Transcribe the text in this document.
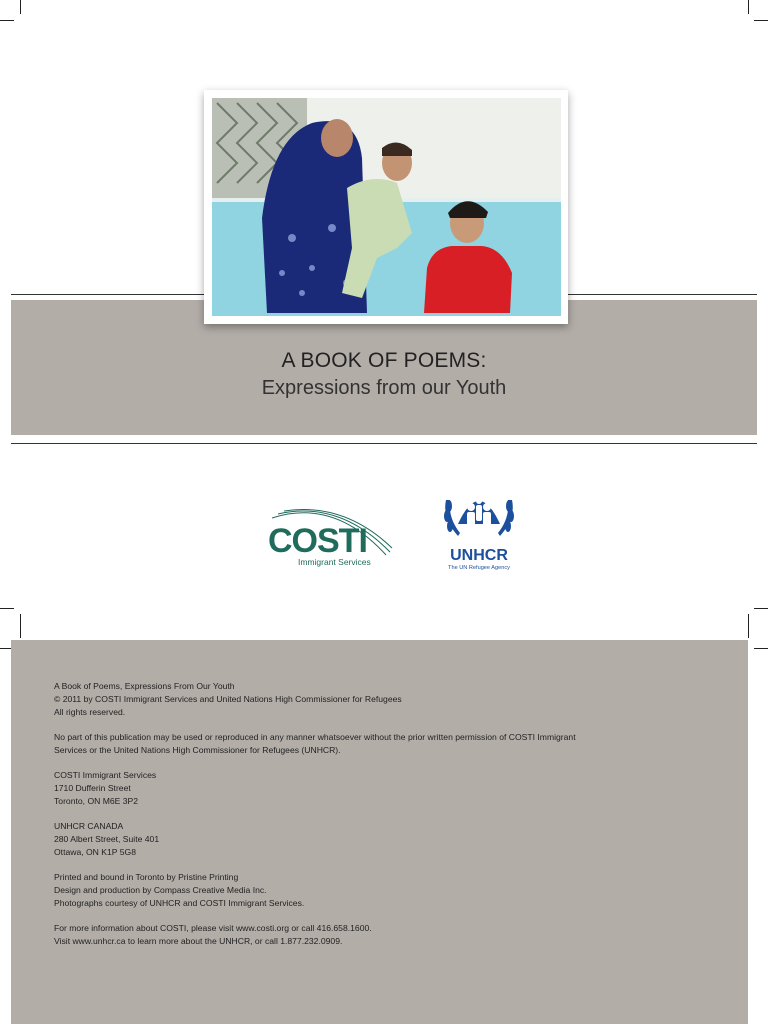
A BOOK OF POEMS:
Expressions from our Youth
COSTI
Immigrant Services	UNHCR
The UN Refugee Agency

A Book of Poems, Expressions From Our Youth
© 2011 by COSTI Immigrant Services and United Nations High Commissioner for Refugees
All rights reserved.

No part of this publication may be used or reproduced in any manner whatsoever without the prior written permission of COSTI Immigrant
Services or the United Nations High Commissioner for Refugees (UNHCR).

COSTI Immigrant Services
1710 Dufferin Street
Toronto, ON M6E 3P2

UNHCR CANADA
280 Albert Street, Suite 401
Ottawa, ON K1P 5G8

Printed and bound in Toronto by Pristine Printing
Design and production by Compass Creative Media Inc.
Photographs courtesy of UNHCR and COSTI Immigrant Services.

For more information about COSTI, please visit www.costi.org or call 416.658.1600.
Visit www.unhcr.ca to learn more about the UNHCR, or call 1.877.232.0909.
